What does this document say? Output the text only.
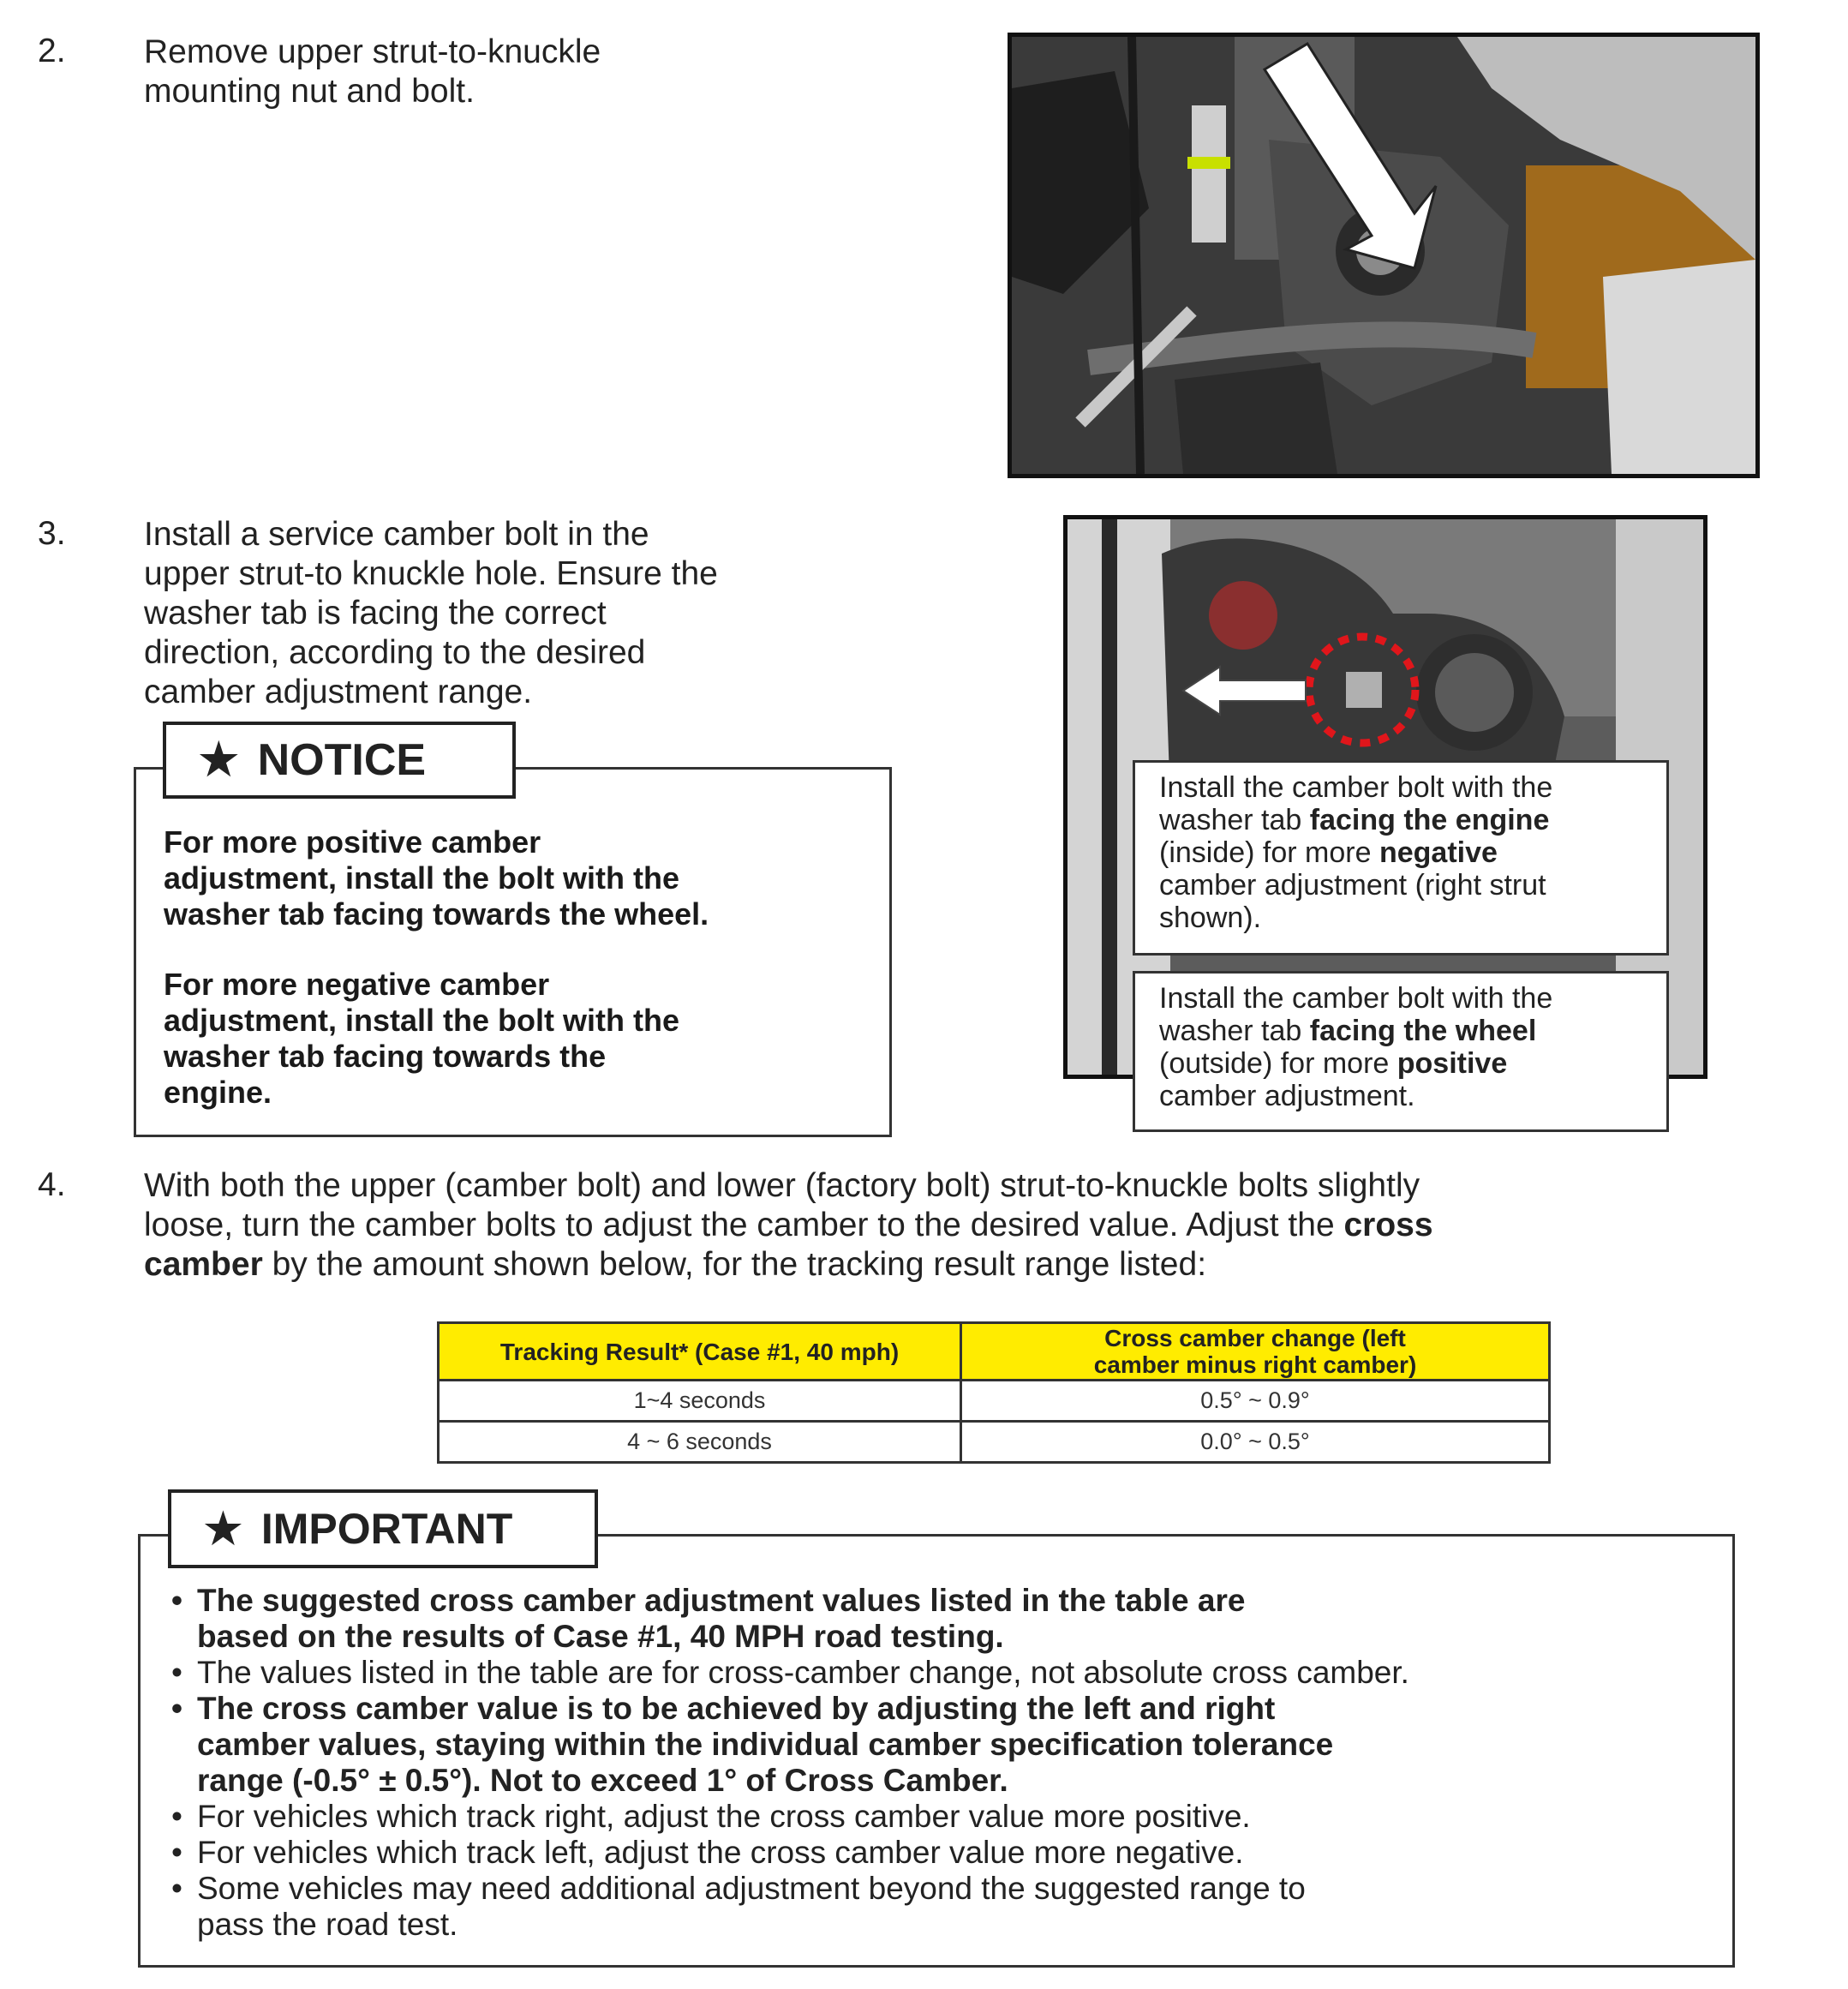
2. Remove upper strut-to-knuckle
mounting nut and bolt.
3. Install a service camber bolt in the
upper strut-to knuckle hole. Ensure the
washer tab is facing the correct
direction, according to the desired
camber adjustment range.
For more positive camber
adjustment, install the bolt with the
washer tab facing towards the wheel.
For more negative camber
adjustment, install the bolt with the
washer tab facing towards the
engine.
★ NOTICE
Install the camber bolt with the
washer tab facing the engine
(inside) for more negative
camber adjustment (right strut
shown).
Install the camber bolt with the
washer tab facing the wheel
(outside) for more positive
camber adjustment.
4. With both the upper (camber bolt) and lower (factory bolt) strut-to-knuckle bolts slightly
loose, turn the camber bolts to adjust the camber to the desired value. Adjust the cross
camber by the amount shown below, for the tracking result range listed:
Tracking Result* (Case #1, 40 mph)	Cross camber change (left
camber minus right camber)

1~4 seconds	0.5° ~ 0.9°
4 ~ 6 seconds	0.0° ~ 0.5°
• The suggested cross camber adjustment values listed in the table are
based on the results of Case #1, 40 MPH road testing.
• The values listed in the table are for cross-camber change, not absolute cross camber.
• The cross camber value is to be achieved by adjusting the left and right
camber values, staying within the individual camber specification tolerance
range (-0.5° ± 0.5°). Not to exceed 1° of Cross Camber.
• For vehicles which track right, adjust the cross camber value more positive.
• For vehicles which track left, adjust the cross camber value more negative.
• Some vehicles may need additional adjustment beyond the suggested range to
pass the road test.
★ IMPORTANT
